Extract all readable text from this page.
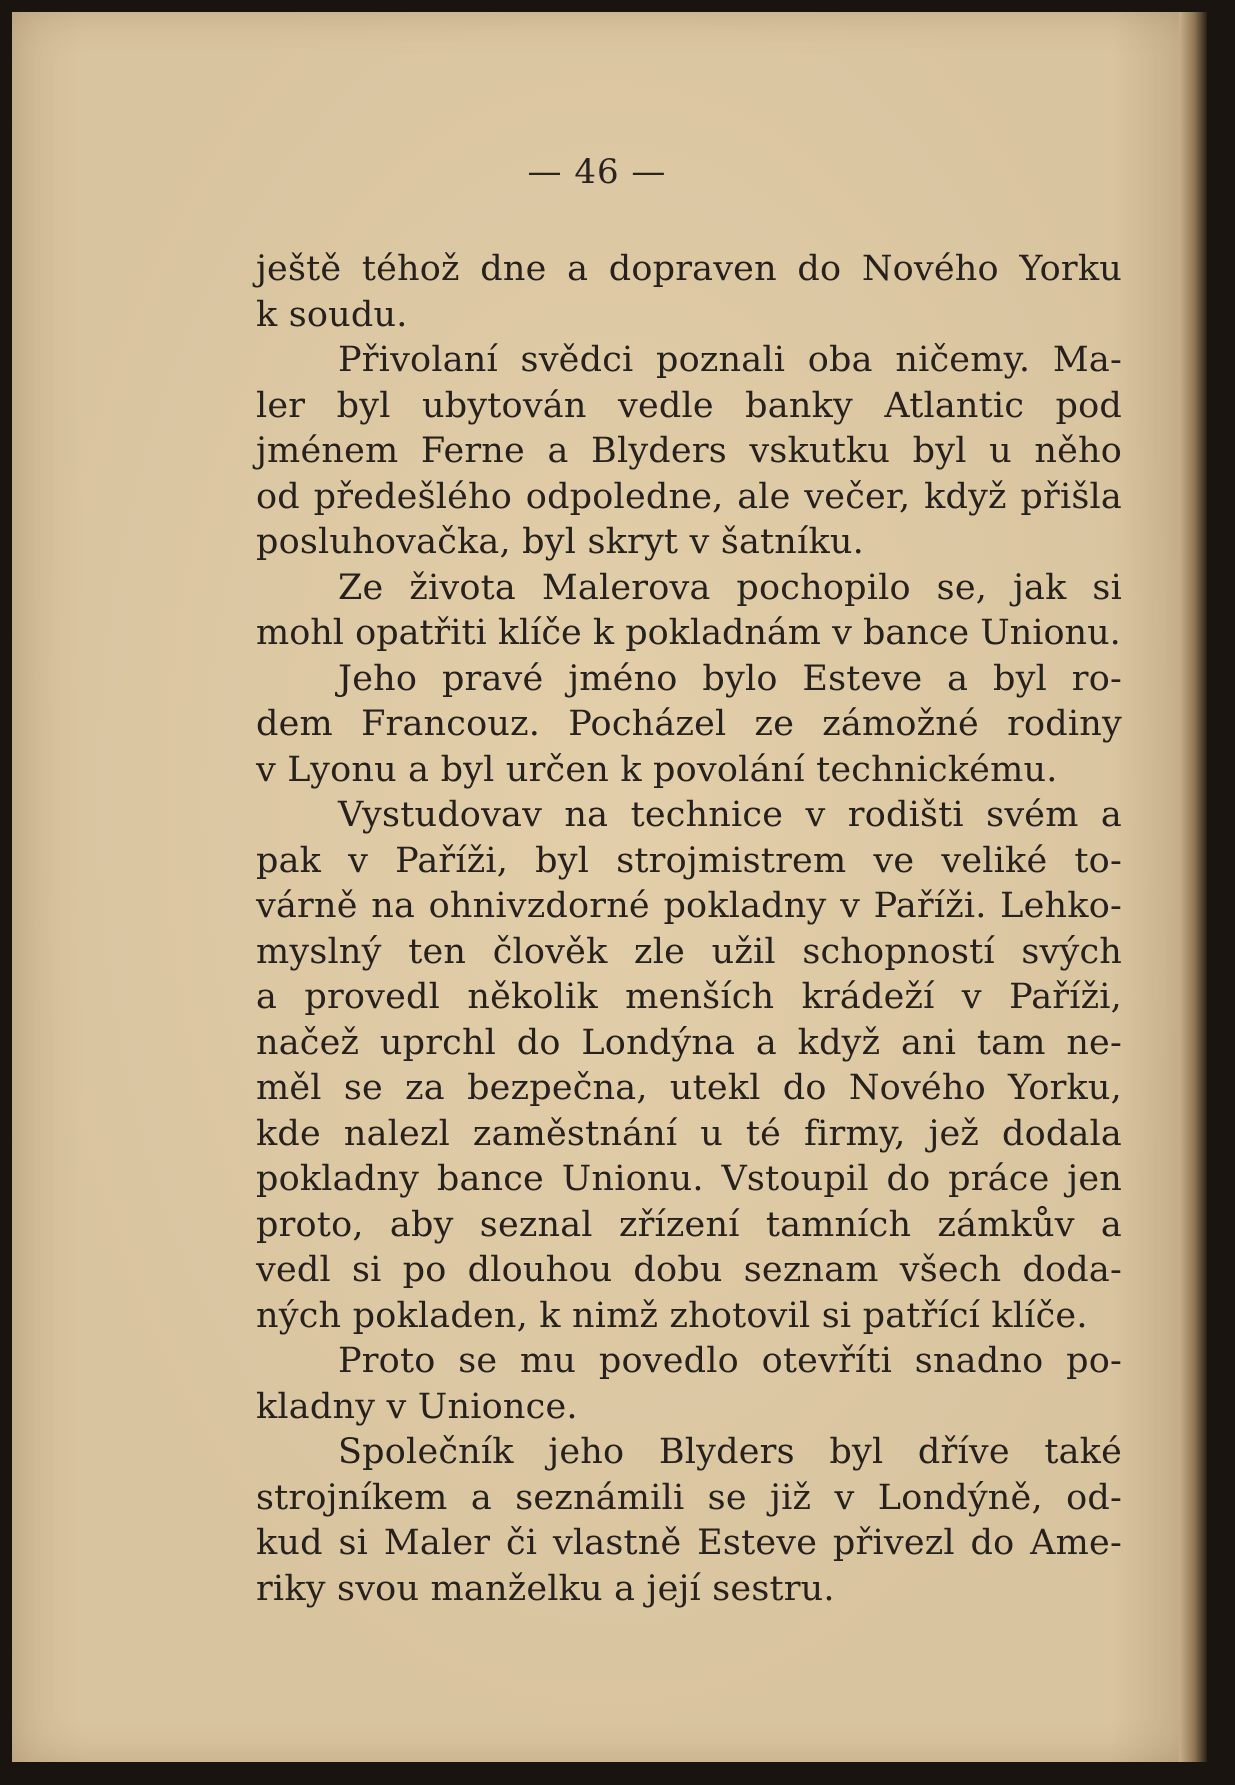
— 46 —
ještě téhož dne a dopraven do Nového Yorku
k soudu.
Přivolaní svědci poznali oba ničemy. Ma-
ler byl ubytován vedle banky Atlantic pod
jménem Ferne a Blyders vskutku byl u něho
od předešlého odpoledne, ale večer, když přišla
posluhovačka, byl skryt v šatníku.
Ze života Malerova pochopilo se, jak si
mohl opatřiti klíče k pokladnám v bance Unionu.
Jeho pravé jméno bylo Esteve a byl ro-
dem Francouz. Pocházel ze zámožné rodiny
v Lyonu a byl určen k povolání technickému.
Vystudovav na technice v rodišti svém a
pak v Paříži, byl strojmistrem ve veliké to-
várně na ohnivzdorné pokladny v Paříži. Lehko-
myslný ten člověk zle užil schopností svých
a provedl několik menších krádeží v Paříži,
načež uprchl do Londýna a když ani tam ne-
měl se za bezpečna, utekl do Nového Yorku,
kde nalezl zaměstnání u té firmy, jež dodala
pokladny bance Unionu. Vstoupil do práce jen
proto, aby seznal zřízení tamních zámkův a
vedl si po dlouhou dobu seznam všech doda-
ných pokladen, k nimž zhotovil si patřící klíče.
Proto se mu povedlo otevříti snadno po-
kladny v Unionce.
Společník jeho Blyders byl dříve také
strojníkem a seznámili se již v Londýně, od-
kud si Maler či vlastně Esteve přivezl do Ame-
riky svou manželku a její sestru.
